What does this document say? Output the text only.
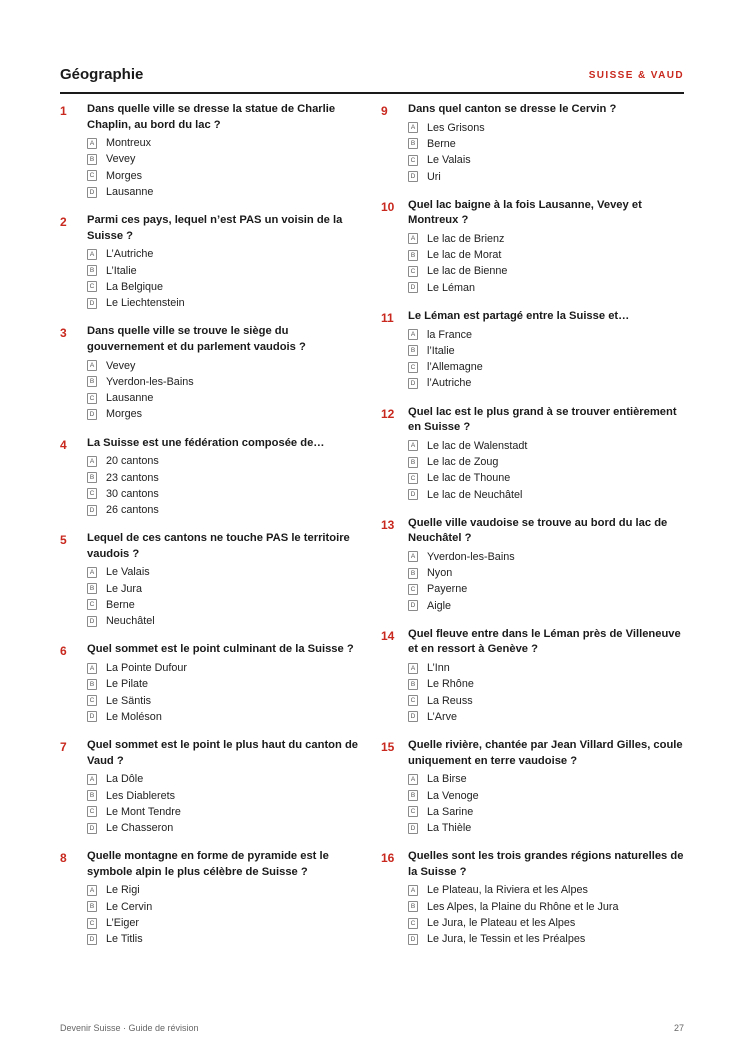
Géographie	SUISSE & VAUD
1 Dans quelle ville se dresse la statue de Charlie Chaplin, au bord du lac ?
A Montreux
B Vevey
C Morges
D Lausanne
2 Parmi ces pays, lequel n’est PAS un voisin de la Suisse ?
A L’Autriche
B L’Italie
C La Belgique
D Le Liechtenstein
3 Dans quelle ville se trouve le siège du gouvernement et du parlement vaudois ?
A Vevey
B Yverdon-les-Bains
C Lausanne
D Morges
4 La Suisse est une fédération composée de…
A 20 cantons
B 23 cantons
C 30 cantons
D 26 cantons
5 Lequel de ces cantons ne touche PAS le territoire vaudois ?
A Le Valais
B Le Jura
C Berne
D Neuchâtel
6 Quel sommet est le point culminant de la Suisse ?
A La Pointe Dufour
B Le Pilate
C Le Säntis
D Le Moléson
7 Quel sommet est le point le plus haut du canton de Vaud ?
A La Dôle
B Les Diablerets
C Le Mont Tendre
D Le Chasseron
8 Quelle montagne en forme de pyramide est le symbole alpin le plus célèbre de Suisse ?
A Le Rigi
B Le Cervin
C L’Eiger
D Le Titlis
9 Dans quel canton se dresse le Cervin ?
A Les Grisons
B Berne
C Le Valais
D Uri
10 Quel lac baigne à la fois Lausanne, Vevey et Montreux ?
A Le lac de Brienz
B Le lac de Morat
C Le lac de Bienne
D Le Léman
11 Le Léman est partagé entre la Suisse et…
A la France
B l’Italie
C l’Allemagne
D l’Autriche
12 Quel lac est le plus grand à se trouver entièrement en Suisse ?
A Le lac de Walenstadt
B Le lac de Zoug
C Le lac de Thoune
D Le lac de Neuchâtel
13 Quelle ville vaudoise se trouve au bord du lac de Neuchâtel ?
A Yverdon-les-Bains
B Nyon
C Payerne
D Aigle
14 Quel fleuve entre dans le Léman près de Villeneuve et en ressort à Genève ?
A L’Inn
B Le Rhône
C La Reuss
D L’Arve
15 Quelle rivière, chantée par Jean Villard Gilles, coule uniquement en terre vaudoise ?
A La Birse
B La Venoge
C La Sarine
D La Thièle
16 Quelles sont les trois grandes régions naturelles de la Suisse ?
A Le Plateau, la Riviera et les Alpes
B Les Alpes, la Plaine du Rhône et le Jura
C Le Jura, le Plateau et les Alpes
D Le Jura, le Tessin et les Préalpes
Devenir Suisse · Guide de révision	27
